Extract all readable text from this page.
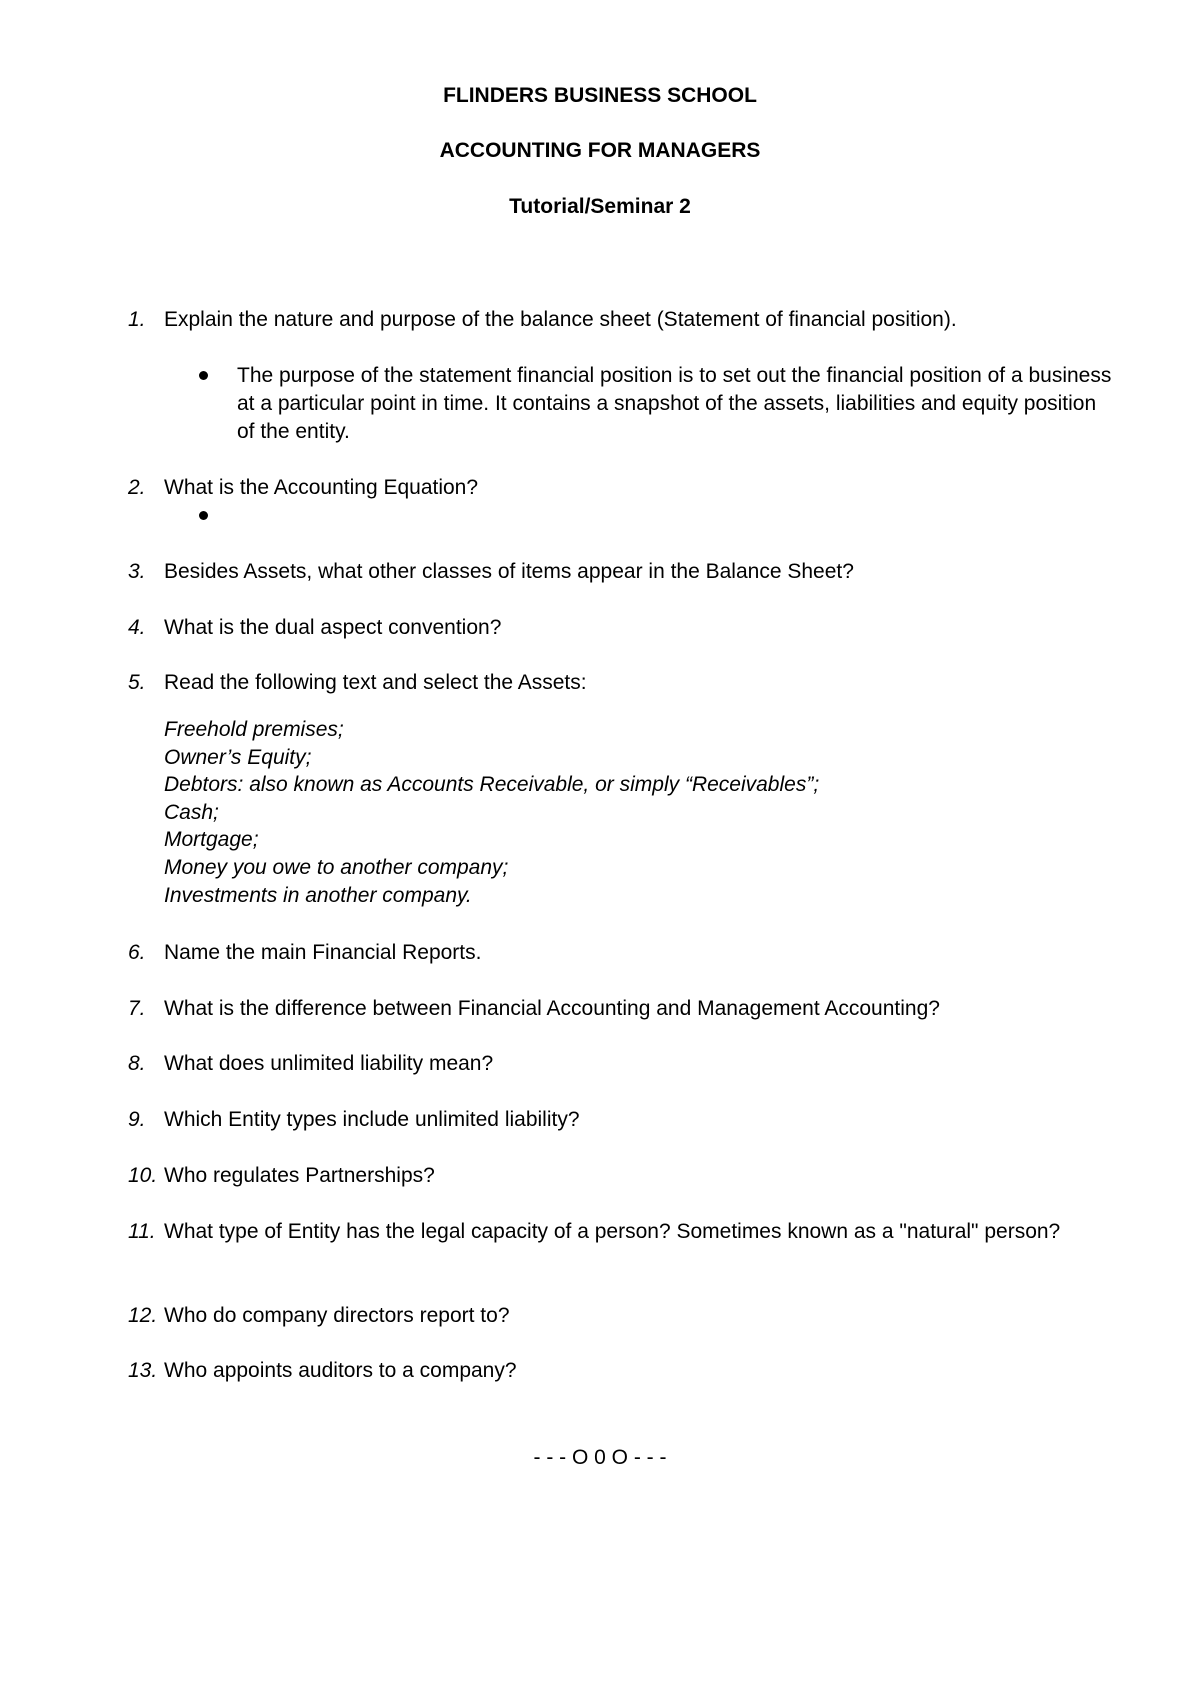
FLINDERS BUSINESS SCHOOL
ACCOUNTING FOR MANAGERS
Tutorial/Seminar 2
1. Explain the nature and purpose of the balance sheet (Statement of financial position).
The purpose of the statement financial position is to set out the financial position of a business at a particular point in time. It contains a snapshot of the assets, liabilities and equity position of the entity.
2. What is the Accounting Equation?
3. Besides Assets, what other classes of items appear in the Balance Sheet?
4. What is the dual aspect convention?
5. Read the following text and select the Assets:
Freehold premises;
Owner’s Equity;
Debtors: also known as Accounts Receivable, or simply “Receivables”;
Cash;
Mortgage;
Money you owe to another company;
Investments in another company.
6. Name the main Financial Reports.
7. What is the difference between Financial Accounting and Management Accounting?
8. What does unlimited liability mean?
9. Which Entity types include unlimited liability?
10. Who regulates Partnerships?
11. What type of Entity has the legal capacity of a person? Sometimes known as a "natural" person?
12. Who do company directors report to?
13. Who appoints auditors to a company?
- - - O 0 O - - -
